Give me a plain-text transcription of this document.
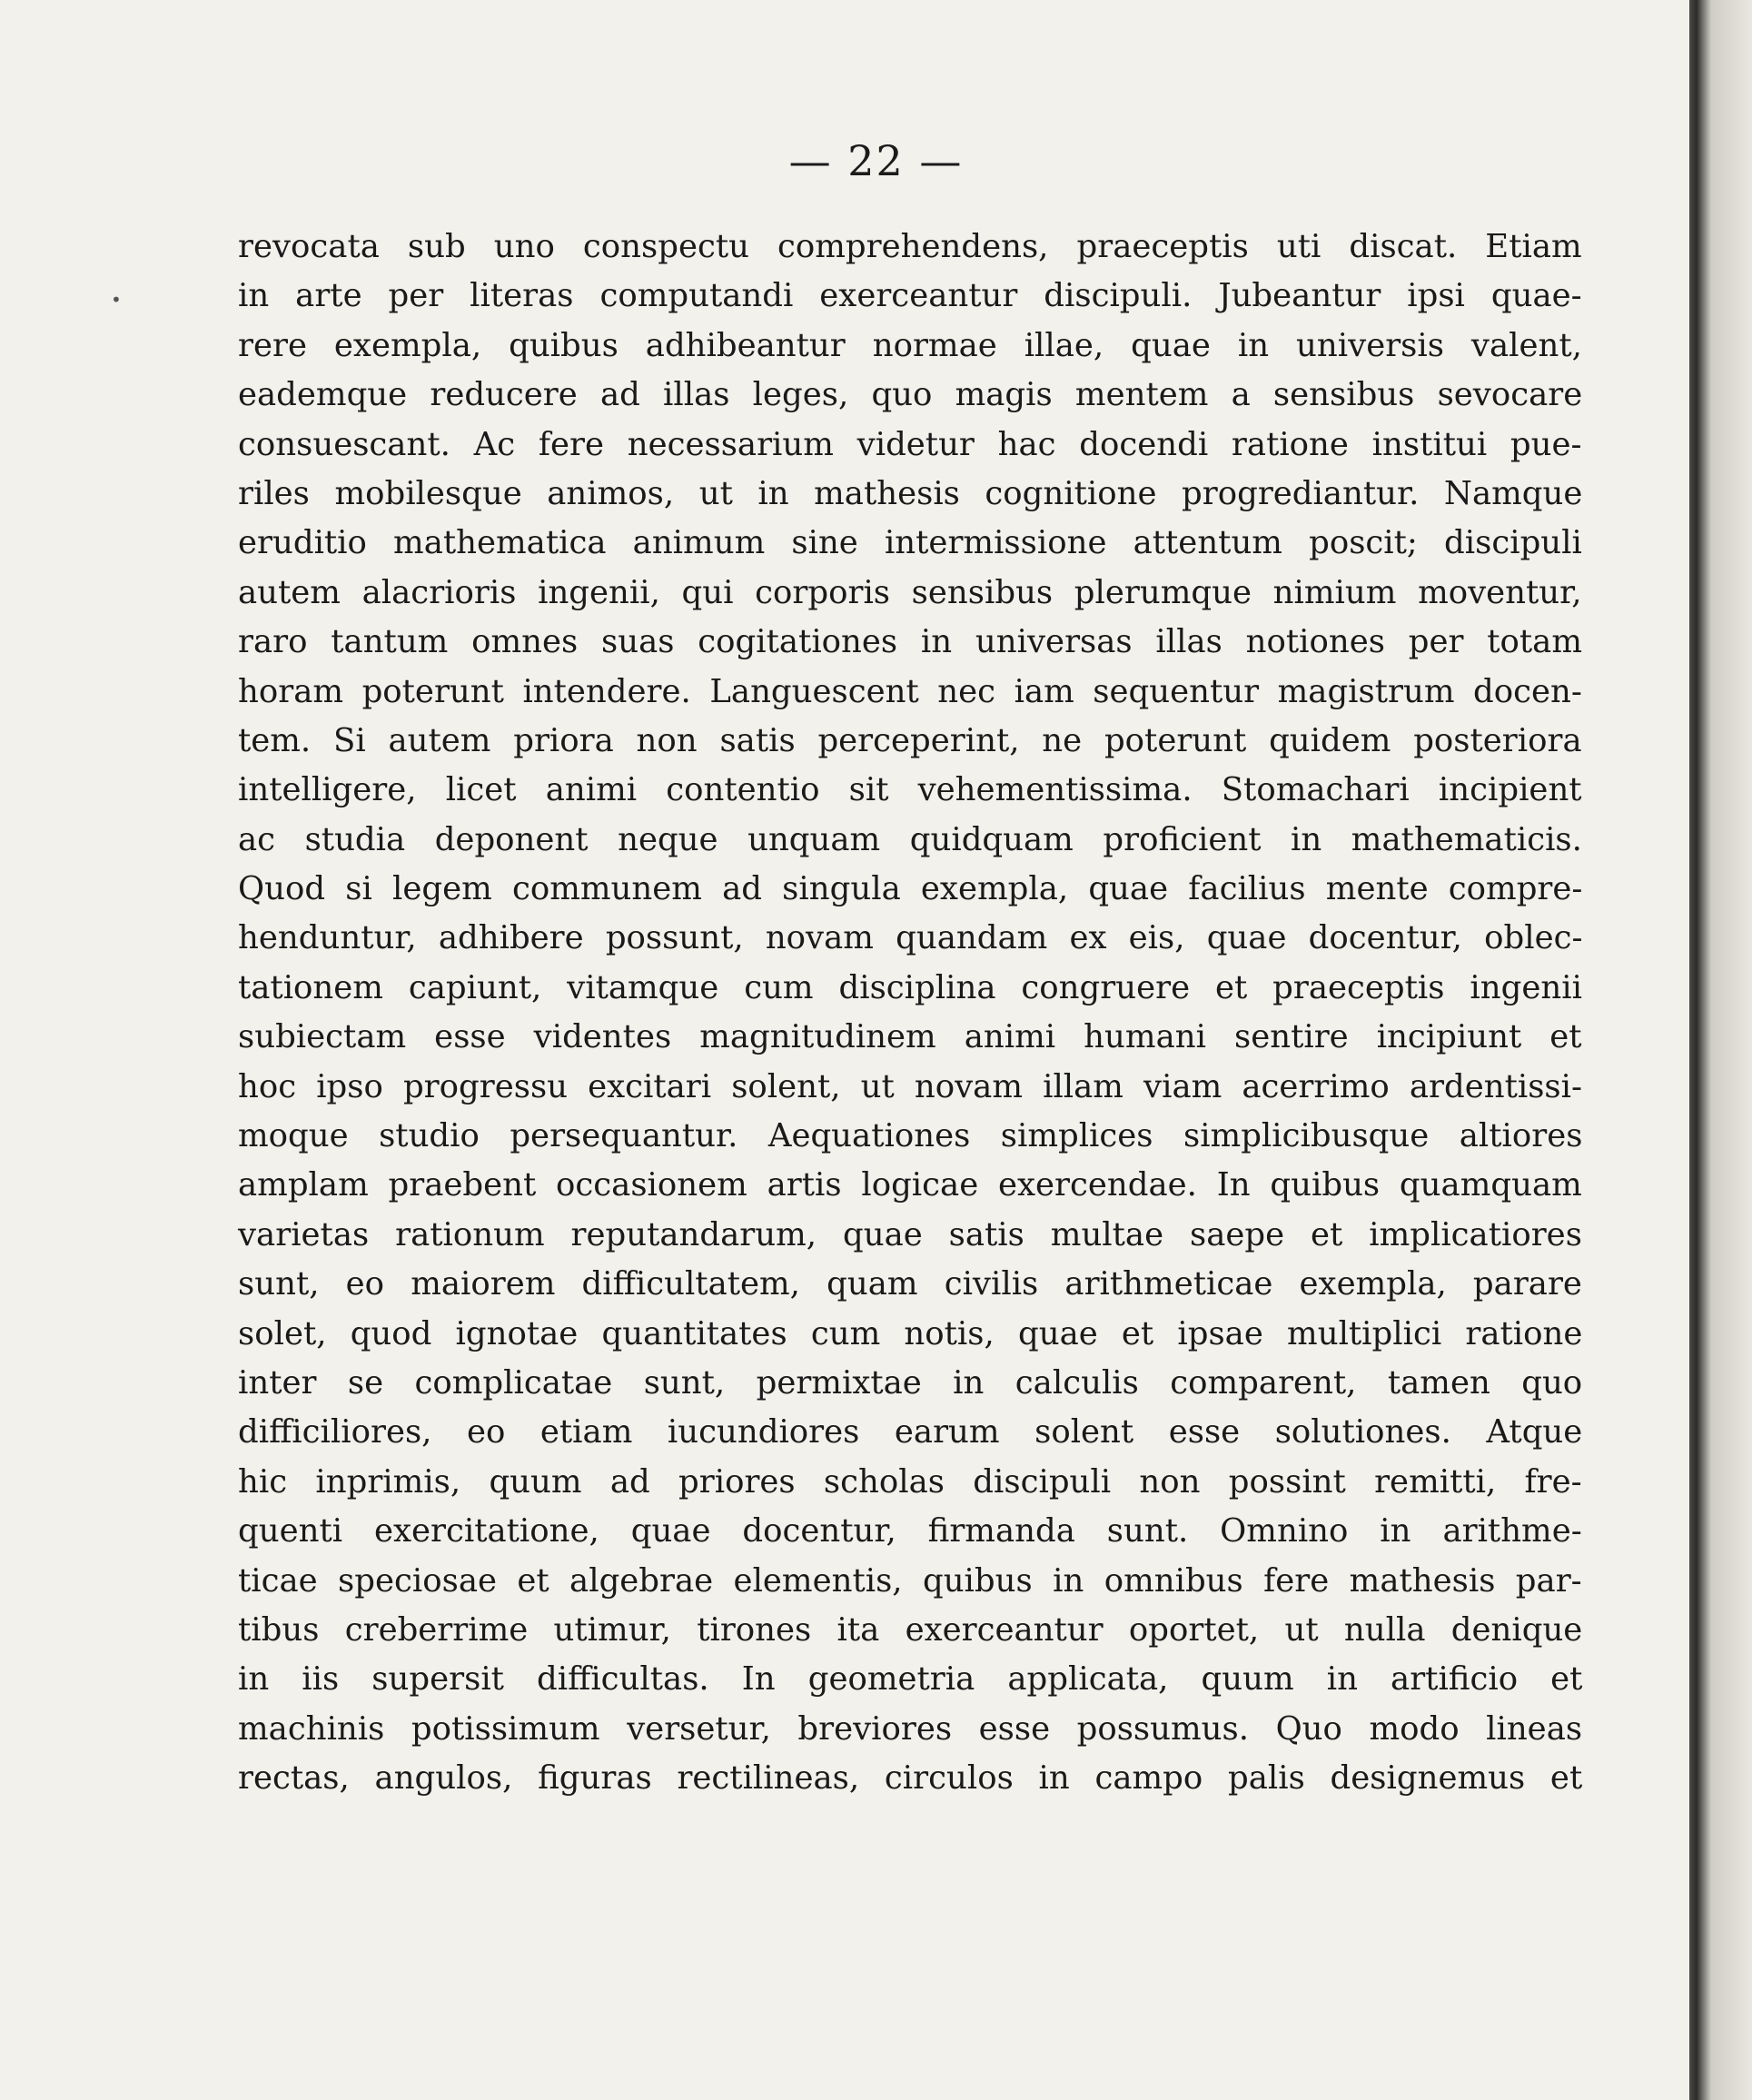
— 22 —
•
revocata sub uno conspectu comprehendens, praeceptis uti discat. Etiam
in arte per literas computandi exerceantur discipuli. Jubeantur ipsi quae-
rere exempla, quibus adhibeantur normae illae, quae in universis valent,
eademque reducere ad illas leges, quo magis mentem a sensibus sevocare
consuescant. Ac fere necessarium videtur hac docendi ratione institui pue-
riles mobilesque animos, ut in mathesis cognitione progrediantur. Namque
eruditio mathematica animum sine intermissione attentum poscit; discipuli
autem alacrioris ingenii, qui corporis sensibus plerumque nimium moventur,
raro tantum omnes suas cogitationes in universas illas notiones per totam
horam poterunt intendere. Languescent nec iam sequentur magistrum docen-
tem. Si autem priora non satis perceperint, ne poterunt quidem posteriora
intelligere, licet animi contentio sit vehementissima. Stomachari incipient
ac studia deponent neque unquam quidquam proficient in mathematicis.
Quod si legem communem ad singula exempla, quae facilius mente compre-
henduntur, adhibere possunt, novam quandam ex eis, quae docentur, oblec-
tationem capiunt, vitamque cum disciplina congruere et praeceptis ingenii
subiectam esse videntes magnitudinem animi humani sentire incipiunt et
hoc ipso progressu excitari solent, ut novam illam viam acerrimo ardentissi-
moque studio persequantur. Aequationes simplices simplicibusque altiores
amplam praebent occasionem artis logicae exercendae. In quibus quamquam
varietas rationum reputandarum, quae satis multae saepe et implicatiores
sunt, eo maiorem difficultatem, quam civilis arithmeticae exempla, parare
solet, quod ignotae quantitates cum notis, quae et ipsae multiplici ratione
inter se complicatae sunt, permixtae in calculis comparent, tamen quo
difficiliores, eo etiam iucundiores earum solent esse solutiones. Atque
hic inprimis, quum ad priores scholas discipuli non possint remitti, fre-
quenti exercitatione, quae docentur, firmanda sunt. Omnino in arithme-
ticae speciosae et algebrae elementis, quibus in omnibus fere mathesis par-
tibus creberrime utimur, tirones ita exerceantur oportet, ut nulla denique
in iis supersit difficultas. In geometria applicata, quum in artificio et
machinis potissimum versetur, breviores esse possumus. Quo modo lineas
rectas, angulos, figuras rectilineas, circulos in campo palis designemus et
